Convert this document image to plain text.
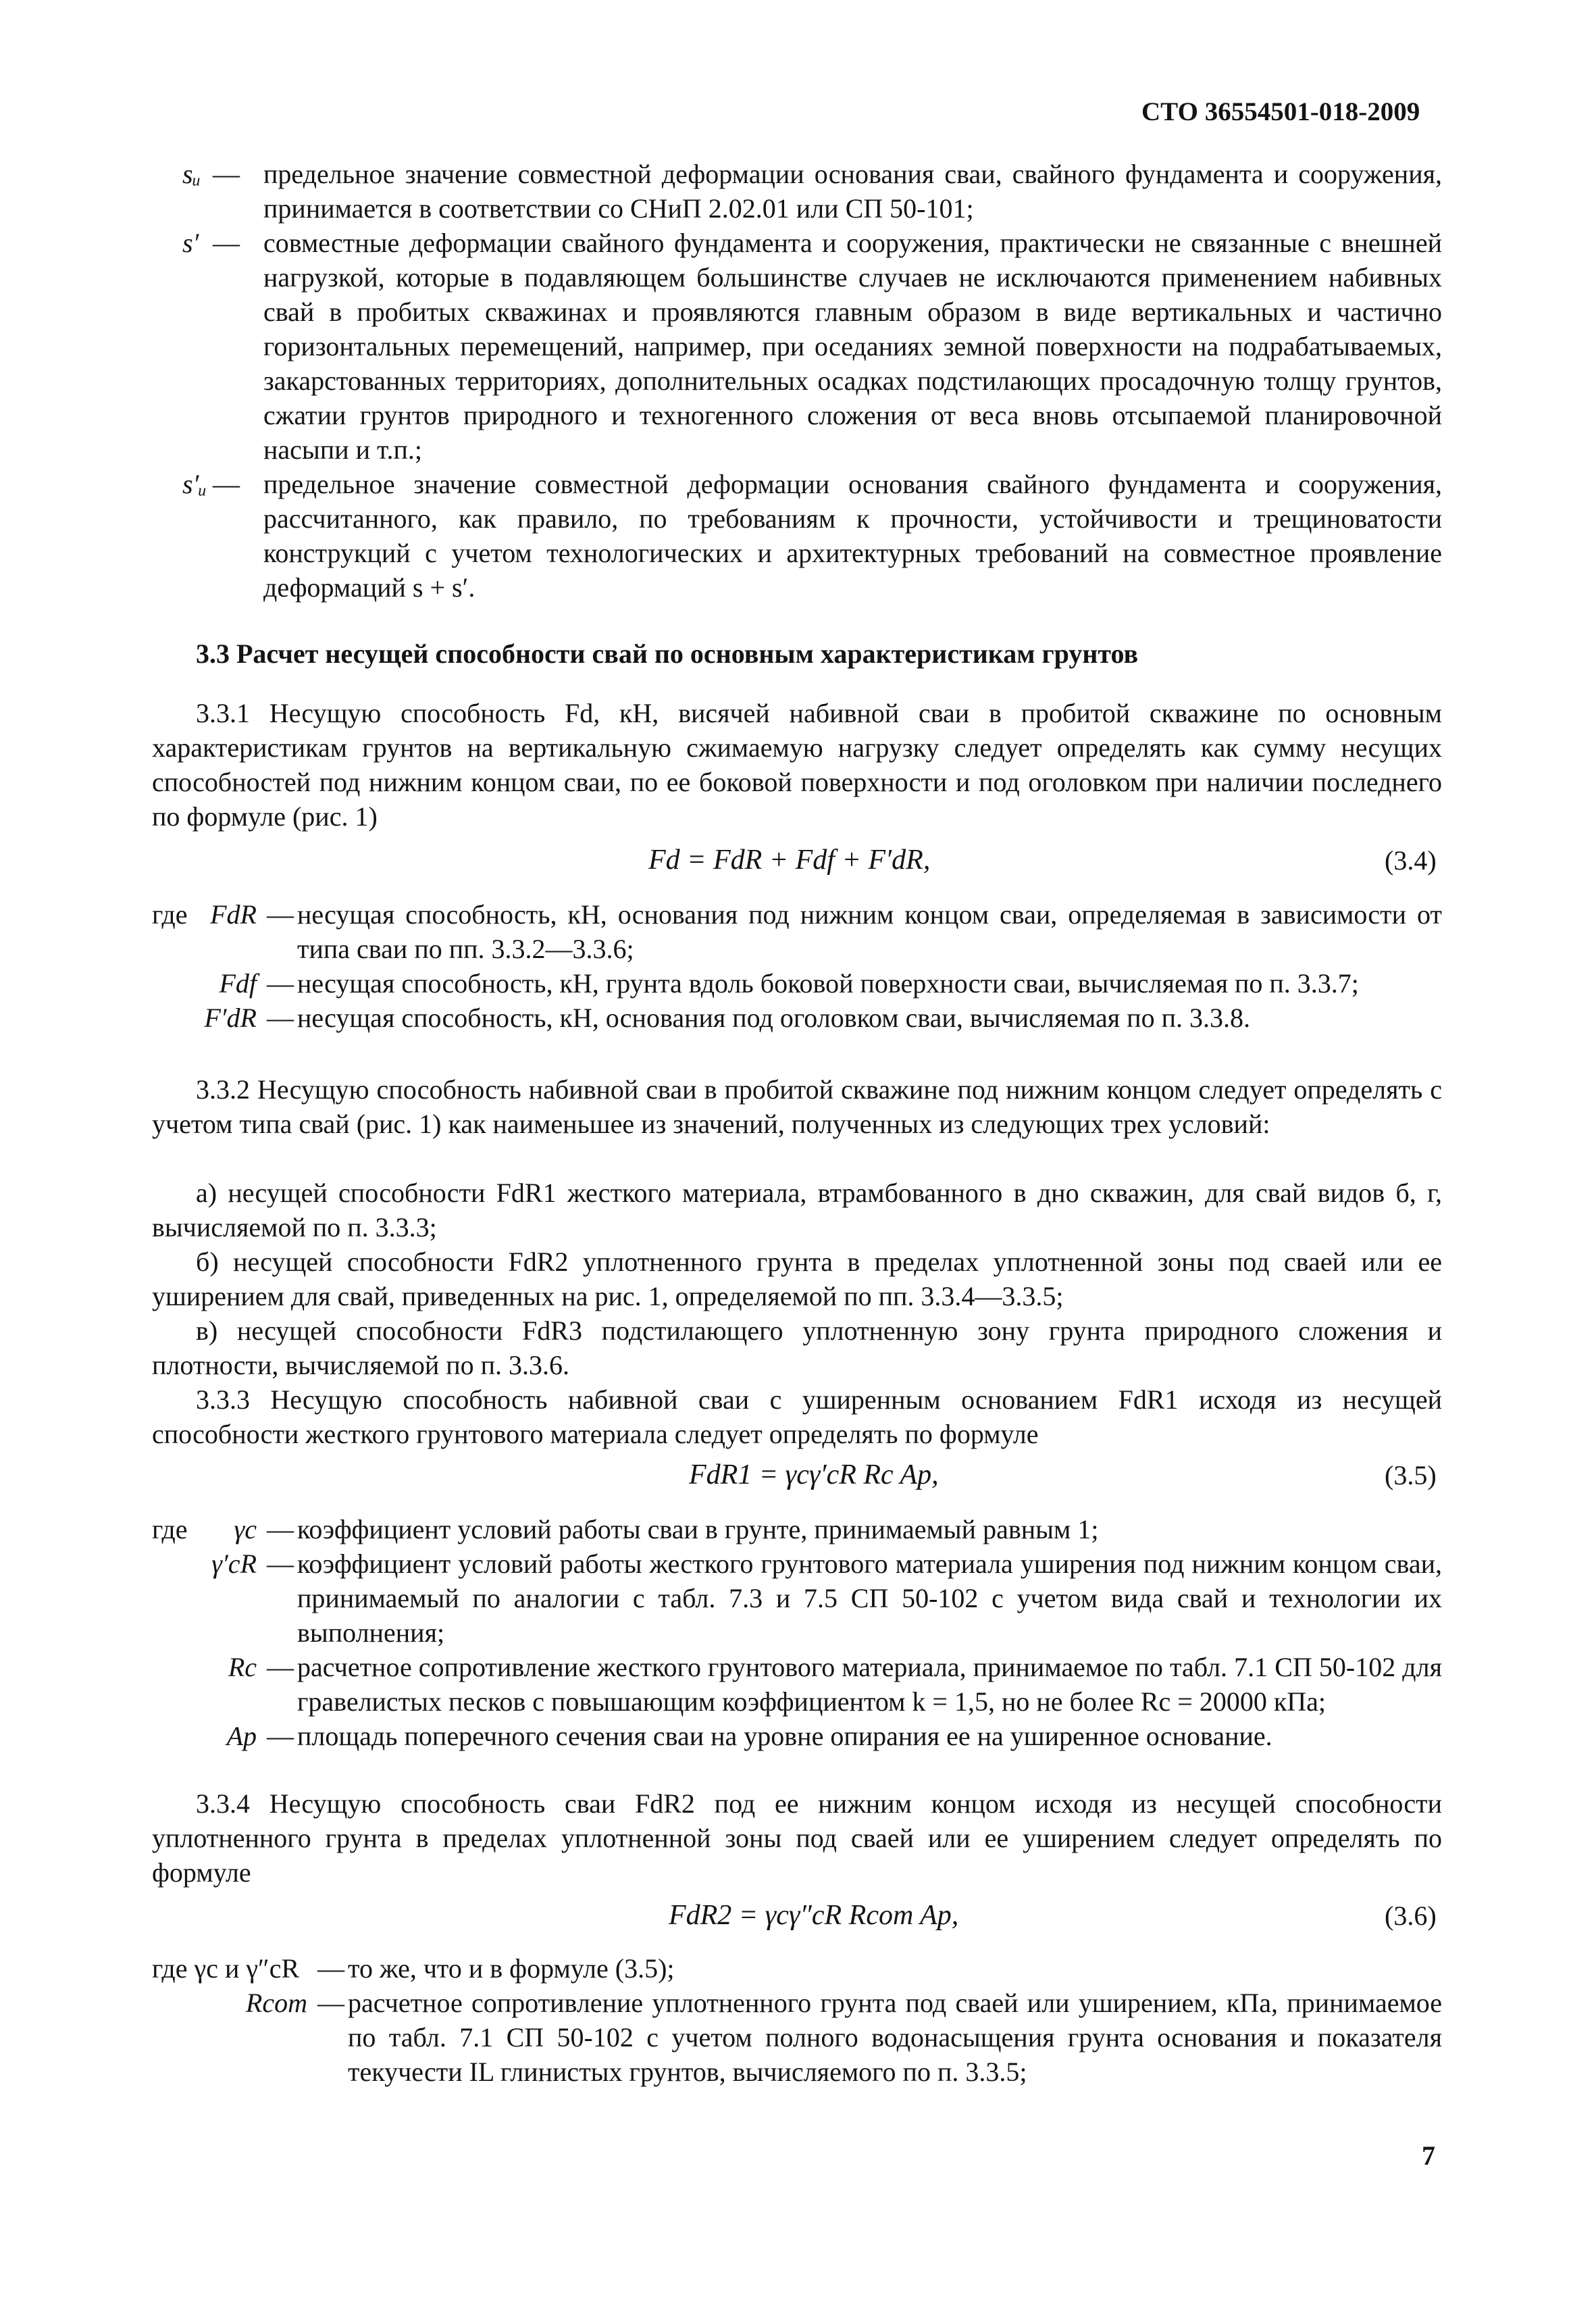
СТО 36554501-018-2009
sᵤ — предельное значение совместной деформации основания сваи, свайного фундамента и сооружения, принимается в соответствии со СНиП 2.02.01 или СП 50-101;
s′ — совместные деформации свайного фундамента и сооружения, практически не связанные с внешней нагрузкой, которые в подавляющем большинстве случаев не исключаются применением набивных свай в пробитых скважинах и проявляются главным образом в виде вертикальных и частично горизонтальных перемещений, например, при оседаниях земной поверхности на подрабатываемых, закарстованных территориях, дополнительных осадках подстилающих просадочную толщу грунтов, сжатии грунтов природного и техногенного сложения от веса вновь отсыпаемой планировочной насыпи и т.п.;
s′ᵤ — предельное значение совместной деформации основания свайного фундамента и сооружения, рассчитанного, как правило, по требованиям к прочности, устойчивости и трещиноватости конструкций с учетом технологических и архитектурных требований на совместное проявление деформаций s + s′.
3.3 Расчет несущей способности свай по основным характеристикам грунтов
3.3.1 Несущую способность Fd, кН, висячей набивной сваи в пробитой скважине по основным характеристикам грунтов на вертикальную сжимаемую нагрузку следует определять как сумму несущих способностей под нижним концом сваи, по ее боковой поверхности и под оголовком при наличии последнего по формуле (рис. 1)
Fd = FdR + Fdf + F′dR,	(3.4)
где FdR — несущая способность, кН, основания под нижним концом сваи, определяемая в зависимости от типа сваи по пп. 3.3.2—3.3.6;
Fdf — несущая способность, кН, грунта вдоль боковой поверхности сваи, вычисляемая по п. 3.3.7;
F′dR — несущая способность, кН, основания под оголовком сваи, вычисляемая по п. 3.3.8.
3.3.2 Несущую способность набивной сваи в пробитой скважине под нижним концом следует определять с учетом типа свай (рис. 1) как наименьшее из значений, полученных из следующих трех условий:
а) несущей способности FdR1 жесткого материала, втрамбованного в дно скважин, для свай видов б, г, вычисляемой по п. 3.3.3;
б) несущей способности FdR2 уплотненного грунта в пределах уплотненной зоны под сваей или ее уширением для свай, приведенных на рис. 1, определяемой по пп. 3.3.4—3.3.5;
в) несущей способности FdR3 подстилающего уплотненную зону грунта природного сложения и плотности, вычисляемой по п. 3.3.6.
3.3.3 Несущую способность набивной сваи с уширенным основанием FdR1 исходя из несущей способности жесткого грунтового материала следует определять по формуле
FdR1 = γcγ′cR Rc Ap,	(3.5)
где γc — коэффициент условий работы сваи в грунте, принимаемый равным 1;
γ′cR — коэффициент условий работы жесткого грунтового материала уширения под нижним концом сваи, принимаемый по аналогии с табл. 7.3 и 7.5 СП 50-102 с учетом вида свай и технологии их выполнения;
Rc — расчетное сопротивление жесткого грунтового материала, принимаемое по табл. 7.1 СП 50-102 для гравелистых песков с повышающим коэффициентом k = 1,5, но не более Rc = 20000 кПа;
Ap — площадь поперечного сечения сваи на уровне опирания ее на уширенное основание.
3.3.4 Несущую способность сваи FdR2 под ее нижним концом исходя из несущей способности уплотненного грунта в пределах уплотненной зоны под сваей или ее уширением следует определять по формуле
FdR2 = γcγ″cR Rcom Ap,	(3.6)
где γc и γ″cR — то же, что и в формуле (3.5);
Rcom — расчетное сопротивление уплотненного грунта под сваей или уширением, кПа, принимаемое по табл. 7.1 СП 50-102 с учетом полного водонасыщения грунта основания и показателя текучести IL глинистых грунтов, вычисляемого по п. 3.3.5;
7
